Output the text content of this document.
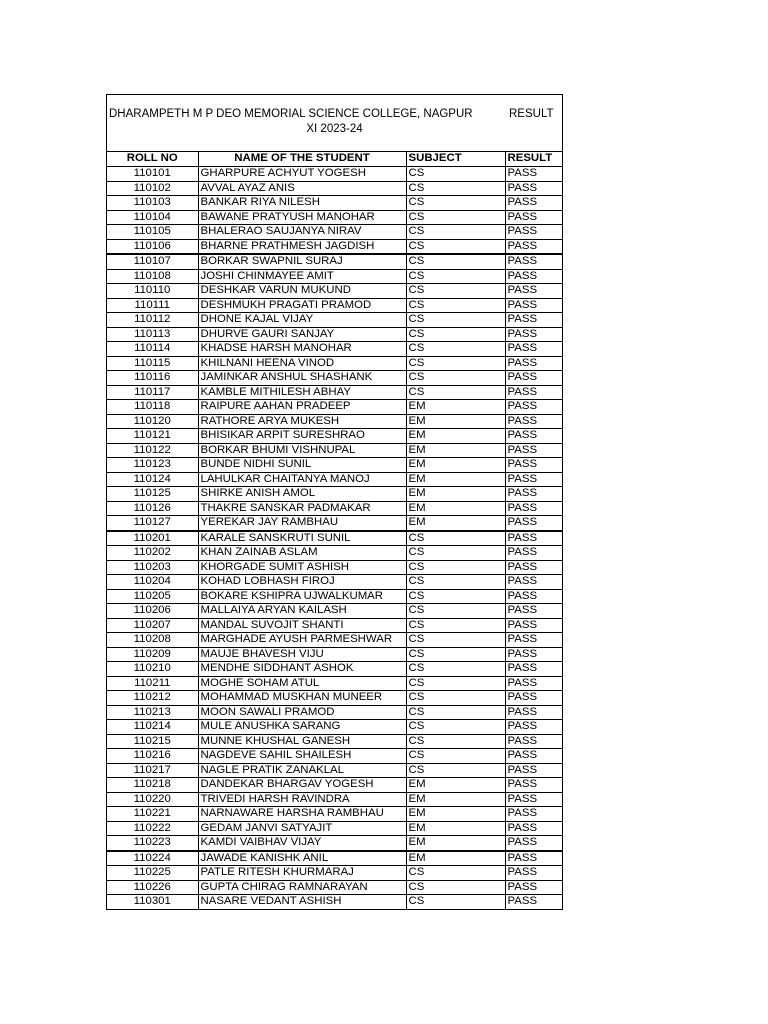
DHARAMPETH M P DEO MEMORIAL SCIENCE COLLEGE, NAGPUR	RESULT
XI 2023-24
ROLL NO	NAME OF THE STUDENT	SUBJECT	RESULT
110101	GHARPURE ACHYUT YOGESH	CS	PASS
110102	AVVAL AYAZ ANIS	CS	PASS
110103	BANKAR RIYA NILESH	CS	PASS
110104	BAWANE PRATYUSH MANOHAR	CS	PASS
110105	BHALERAO SAUJANYA NIRAV	CS	PASS
110106	BHARNE PRATHMESH JAGDISH	CS	PASS
110107	BORKAR SWAPNIL SURAJ	CS	PASS
110108	JOSHI CHINMAYEE AMIT	CS	PASS
110110	DESHKAR VARUN MUKUND	CS	PASS
110111	DESHMUKH PRAGATI PRAMOD	CS	PASS
110112	DHONE KAJAL VIJAY	CS	PASS
110113	DHURVE GAURI SANJAY	CS	PASS
110114	KHADSE HARSH MANOHAR	CS	PASS
110115	KHILNANI HEENA VINOD	CS	PASS
110116	JAMINKAR ANSHUL SHASHANK	CS	PASS
110117	KAMBLE MITHILESH ABHAY	CS	PASS
110118	RAIPURE AAHAN PRADEEP	EM	PASS
110120	RATHORE ARYA MUKESH	EM	PASS
110121	BHISIKAR ARPIT SURESHRAO	EM	PASS
110122	BORKAR BHUMI VISHNUPAL	EM	PASS
110123	BUNDE NIDHI SUNIL	EM	PASS
110124	LAHULKAR CHAITANYA MANOJ	EM	PASS
110125	SHIRKE ANISH AMOL	EM	PASS
110126	THAKRE SANSKAR PADMAKAR	EM	PASS
110127	YEREKAR JAY RAMBHAU	EM	PASS
110201	KARALE SANSKRUTI SUNIL	CS	PASS
110202	KHAN ZAINAB ASLAM	CS	PASS
110203	KHORGADE SUMIT ASHISH	CS	PASS
110204	KOHAD LOBHASH FIROJ	CS	PASS
110205	BOKARE KSHIPRA UJWALKUMAR	CS	PASS
110206	MALLAIYA ARYAN KAILASH	CS	PASS
110207	MANDAL SUVOJIT SHANTI	CS	PASS
110208	MARGHADE AYUSH PARMESHWAR	CS	PASS
110209	MAUJE BHAVESH VIJU	CS	PASS
110210	MENDHE SIDDHANT ASHOK	CS	PASS
110211	MOGHE SOHAM ATUL	CS	PASS
110212	MOHAMMAD MUSKHAN MUNEER	CS	PASS
110213	MOON SAWALI PRAMOD	CS	PASS
110214	MULE ANUSHKA SARANG	CS	PASS
110215	MUNNE KHUSHAL GANESH	CS	PASS
110216	NAGDEVE SAHIL SHAILESH	CS	PASS
110217	NAGLE PRATIK ZANAKLAL	CS	PASS
110218	DANDEKAR BHARGAV YOGESH	EM	PASS
110220	TRIVEDI HARSH RAVINDRA	EM	PASS
110221	NARNAWARE HARSHA RAMBHAU	EM	PASS
110222	GEDAM JANVI SATYAJIT	EM	PASS
110223	KAMDI VAIBHAV VIJAY	EM	PASS
110224	JAWADE KANISHK ANIL	EM	PASS
110225	PATLE RITESH KHURMARAJ	CS	PASS
110226	GUPTA CHIRAG RAMNARAYAN	CS	PASS
110301	NASARE VEDANT ASHISH	CS	PASS
